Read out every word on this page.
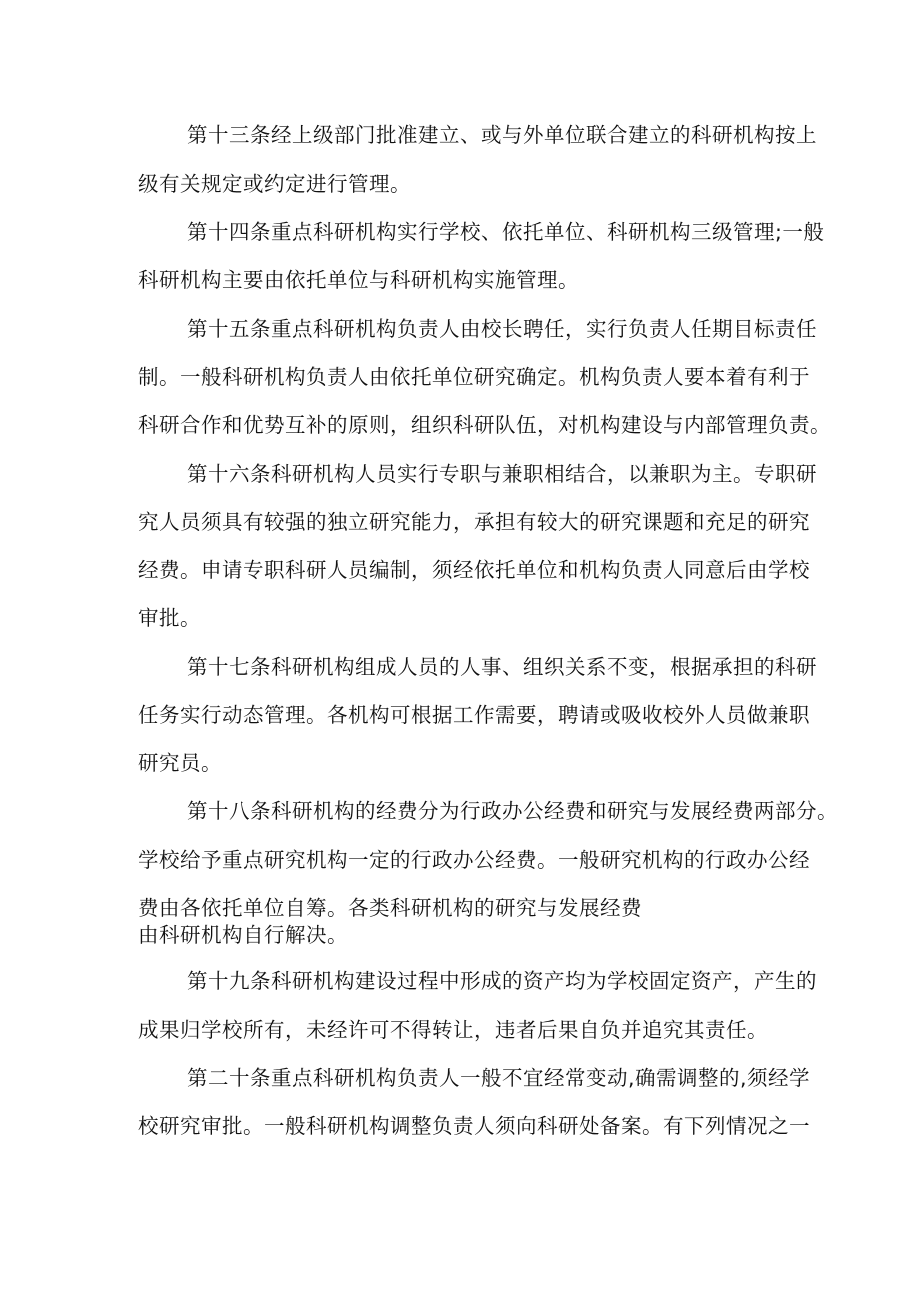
第十三条经上级部门批准建立、或与外单位联合建立的科研机构按上
级有关规定或约定进行管理。
第十四条重点科研机构实行学校、依托单位、科研机构三级管理;一般
科研机构主要由依托单位与科研机构实施管理。
第十五条重点科研机构负责人由校长聘任，实行负责人任期目标责任
制。一般科研机构负责人由依托单位研究确定。机构负责人要本着有利于
科研合作和优势互补的原则，组织科研队伍，对机构建设与内部管理负责。
第十六条科研机构人员实行专职与兼职相结合，以兼职为主。专职研
究人员须具有较强的独立研究能力，承担有较大的研究课题和充足的研究
经费。申请专职科研人员编制，须经依托单位和机构负责人同意后由学校
审批。
第十七条科研机构组成人员的人事、组织关系不变，根据承担的科研
任务实行动态管理。各机构可根据工作需要，聘请或吸收校外人员做兼职
研究员。
第十八条科研机构的经费分为行政办公经费和研究与发展经费两部分。
学校给予重点研究机构一定的行政办公经费。一般研究机构的行政办公经
费由各依托单位自筹。各类科研机构的研究与发展经费
由科研机构自行解决。
第十九条科研机构建设过程中形成的资产均为学校固定资产，产生的
成果归学校所有，未经许可不得转让，违者后果自负并追究其责任。
第二十条重点科研机构负责人一般不宜经常变动,确需调整的,须经学
校研究审批。一般科研机构调整负责人须向科研处备案。有下列情况之一
